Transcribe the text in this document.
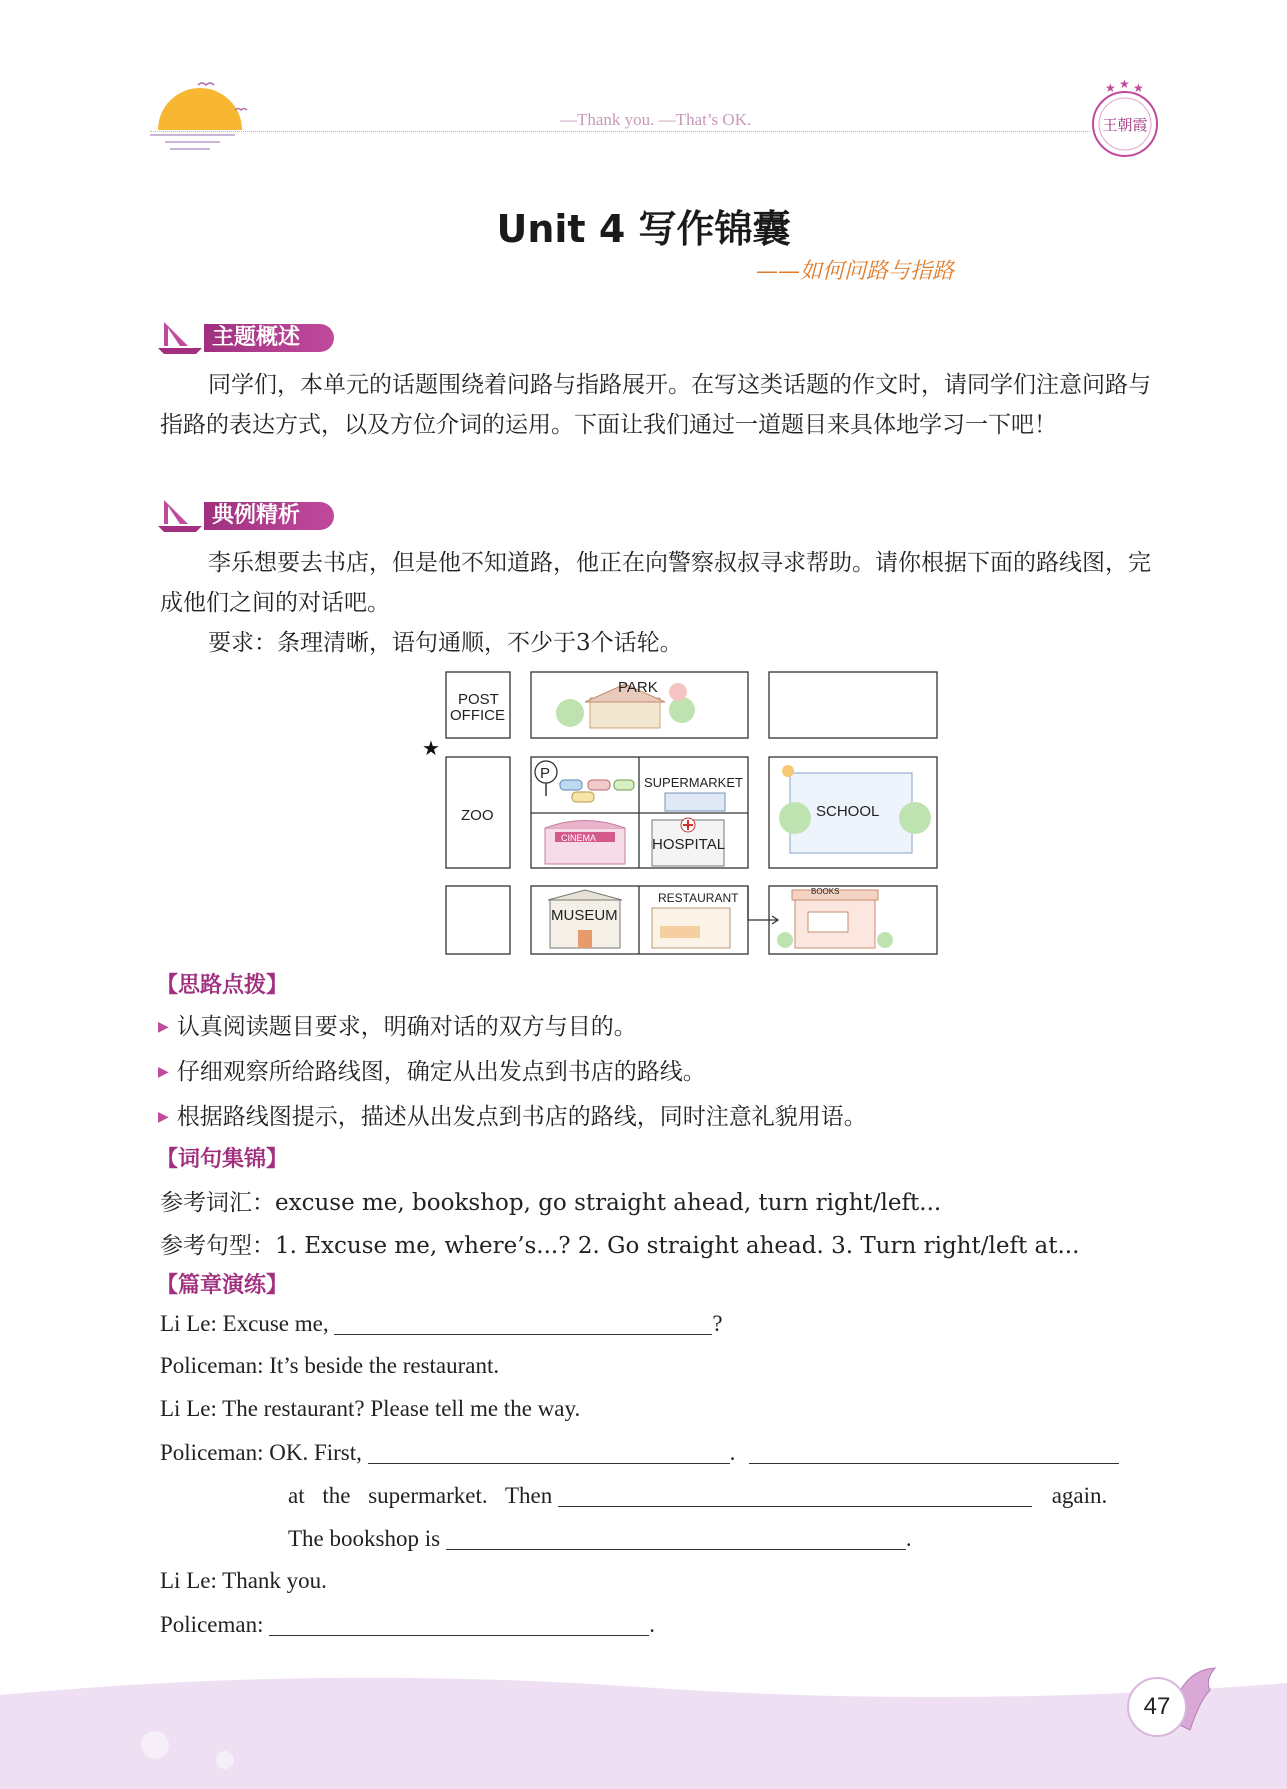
—Thank you. —That’s OK.
★ ★ ★
王朝霞
Unit 4 写作锦囊
——如何问路与指路
主题概述

同学们，本单元的话题围绕着问路与指路展开。在写这类话题的作文时，请同学们注意问路与指路的表达方式，以及方位介词的运用。下面让我们通过一道题目来具体地学习一下吧！

典例精析

李乐想要去书店，但是他不知道路，他正在向警察叔叔寻求帮助。请你根据下面的路线图，完成他们之间的对话吧。

要求：条理清晰，语句通顺，不少于3个话轮。

★
POST
OFFICE
PARK
ZOO
P
SUPERMARKET
CINEMA	HOSPITAL
SCHOOL
MUSEUM
RESTAURANT	BOOKS
【思路点拨】
▶ 认真阅读题目要求，明确对话的双方与目的。
▶ 仔细观察所给路线图，确定从出发点到书店的路线。
▶ 根据路线图提示，描述从出发点到书店的路线，同时注意礼貌用语。
【词句集锦】
参考词汇：excuse me, bookshop, go straight ahead, turn right/left...
参考句型：1. Excuse me, where’s...? 2. Go straight ahead. 3. Turn right/left at...
【篇章演练】
Li Le: Excuse me,	?
Policeman: It’s beside the restaurant.
Li Le: The restaurant? Please tell me the way.
Policeman: OK. First,	.
at the supermarket. Then	again.
The bookshop is	.
Li Le: Thank you.
Policeman:	.
47
